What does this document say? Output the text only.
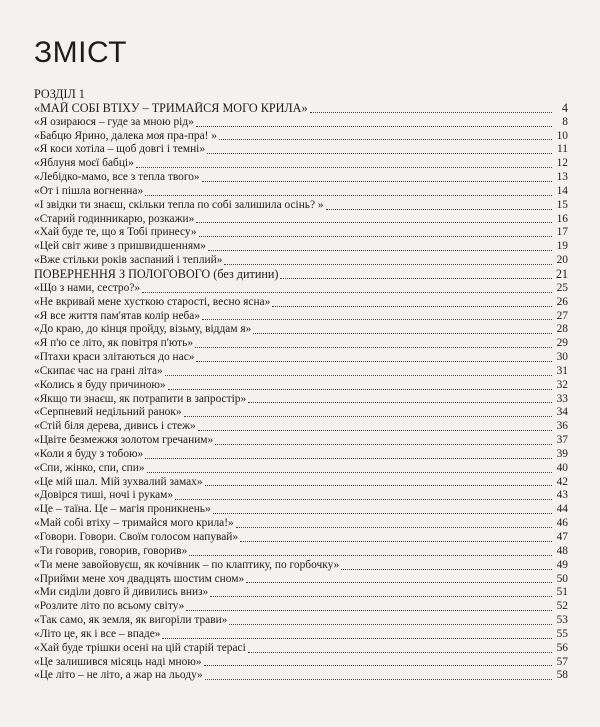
ЗМІСТ
РОЗДІЛ 1
«МАЙ СОБІ ВТІХУ – ТРИМАЙСЯ МОГО КРИЛА»	4
«Я озираюся – гуде за мною рід»	8
«Бабцю Ярино, далека моя пра-пра! »	10
«Я коси хотіла – щоб довгі і темні»	11
«Яблуня моєї бабці»	12
«Лебідко-мамо, все з тепла твого»	13
«От і пішла вогненна»	14
«І звідки ти знаєш, скільки тепла по собі залишила осінь? »	15
«Старий годинникарю, розкажи»	16
«Хай буде те, що я Тобі принесу»	17
«Цей світ живе з пришвидшенням»	19
«Вже стільки років заспаний і теплий»	20
ПОВЕРНЕННЯ З ПОЛОГОВОГО (без дитини)	21
«Що з нами, сестро?»	25
«Не вкривай мене хусткою старості, весно ясна»	26
«Я все життя пам'ятав колір неба»	27
«До краю, до кінця пройду, візьму, віддам я»	28
«Я п'ю се літо, як повітря п'ють»	29
«Птахи краси злітаються до нас»	30
«Скипає час на грані літа»	31
«Колись я буду причиною»	32
«Якщо ти знаєш, як потрапити в запростір»	33
«Серпневий недільний ранок»	34
«Стій біля дерева, дивись і стеж»	36
«Цвіте безмежжя золотом гречаним»	37
«Коли я буду з тобою»	39
«Спи, жінко, спи, спи»	40
«Це мій шал. Мій зухвалий замах»	42
«Довірся тиші, ночі і рукам»	43
«Це – таїна. Це – магія проникнень»	44
«Май собі втіху – тримайся мого крила!»	46
«Говори. Говори. Своїм голосом напувай»	47
«Ти говорив, говорив, говорив»	48
«Ти мене завойовуєш, як кочівник – по клаптику, по горбочку»	49
«Прийми мене хоч двадцять шостим сном»	50
«Ми сиділи довго й дивились вниз»	51
«Розлите літо по всьому світу»	52
«Так само, як земля, як вигоріли трави»	53
«Літо це, як і все – впаде»	55
«Хай буде трішки осені на цій старій терасі	56
«Це залишився місяць наді мною»	57
«Це літо – не літо, а жар на льоду»	58
